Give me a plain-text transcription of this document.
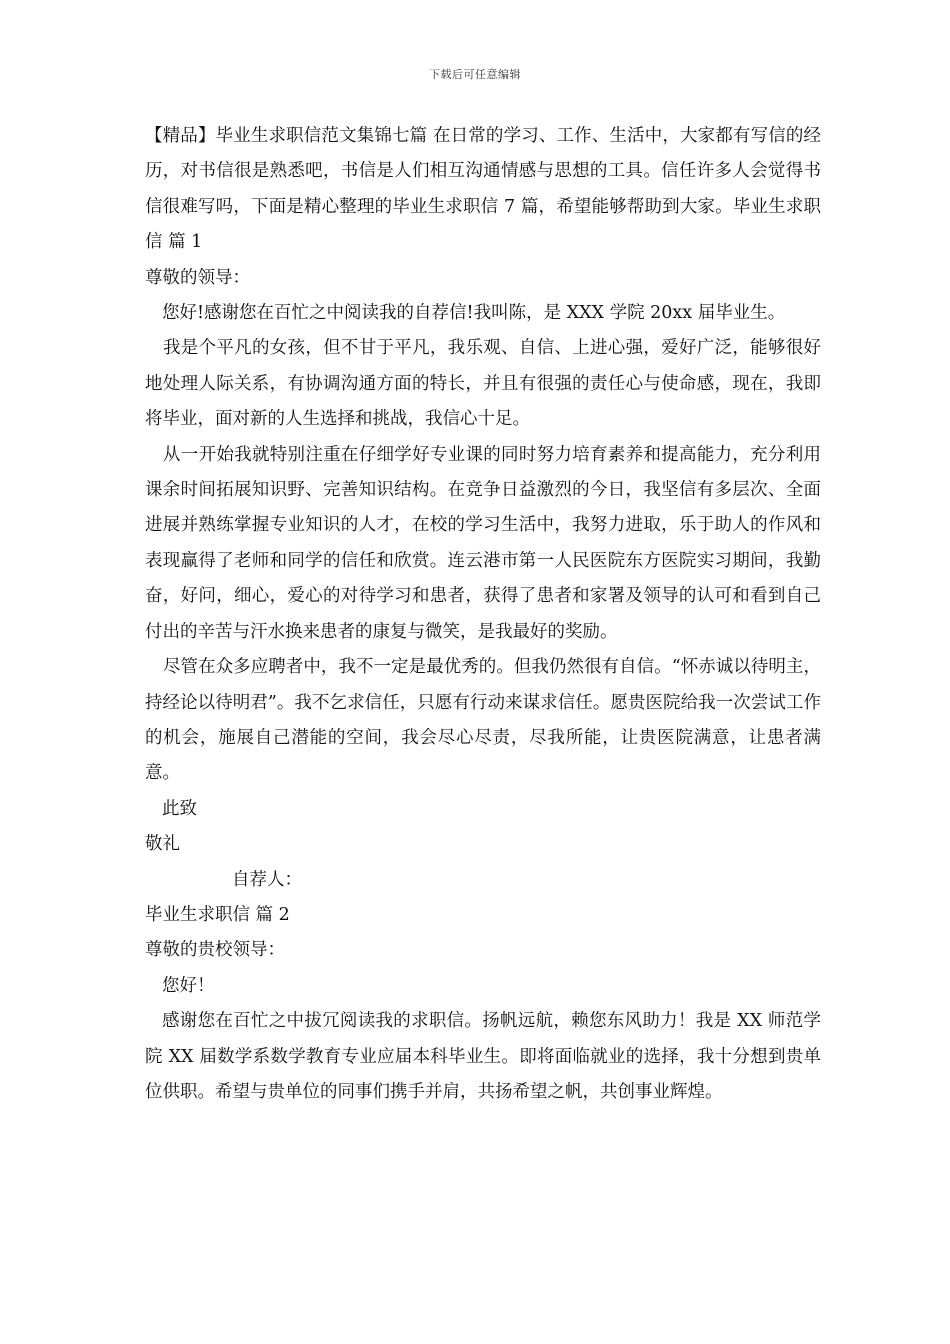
下载后可任意编辑

【精品】毕业生求职信范文集锦七篇 在日常的学习、工作、生活中，大家都有写信的经历，对书信很是熟悉吧，书信是人们相互沟通情感与思想的工具。信任许多人会觉得书信很难写吗，下面是精心整理的毕业生求职信 7 篇，希望能够帮助到大家。毕业生求职信 篇 1

尊敬的领导：

您好!感谢您在百忙之中阅读我的自荐信!我叫陈，是 XXX 学院 20xx 届毕业生。

我是个平凡的女孩，但不甘于平凡，我乐观、自信、上进心强，爱好广泛，能够很好地处理人际关系，有协调沟通方面的特长，并且有很强的责任心与使命感，现在，我即将毕业，面对新的人生选择和挑战，我信心十足。

从一开始我就特别注重在仔细学好专业课的同时努力培育素养和提高能力，充分利用课余时间拓展知识野、完善知识结构。在竞争日益激烈的今日，我坚信有多层次、全面进展并熟练掌握专业知识的人才，在校的学习生活中，我努力进取，乐于助人的作风和表现赢得了老师和同学的信任和欣赏。连云港市第一人民医院东方医院实习期间，我勤奋，好问，细心，爱心的对待学习和患者，获得了患者和家署及领导的认可和看到自己付出的辛苦与汗水换来患者的康复与微笑，是我最好的奖励。

尽管在众多应聘者中，我不一定是最优秀的。但我仍然很有自信。“怀赤诚以待明主，持经论以待明君”。我不乞求信任，只愿有行动来谋求信任。愿贵医院给我一次尝试工作的机会，施展自己潜能的空间，我会尽心尽责，尽我所能，让贵医院满意，让患者满意。

此致

敬礼

自荐人：

毕业生求职信 篇 2

尊敬的贵校领导：

您好！

感谢您在百忙之中拔冗阅读我的求职信。扬帆远航，赖您东风助力！我是 XX 师范学院 XX 届数学系数学教育专业应届本科毕业生。即将面临就业的选择，我十分想到贵单位供职。希望与贵单位的同事们携手并肩，共扬希望之帆，共创事业辉煌。
